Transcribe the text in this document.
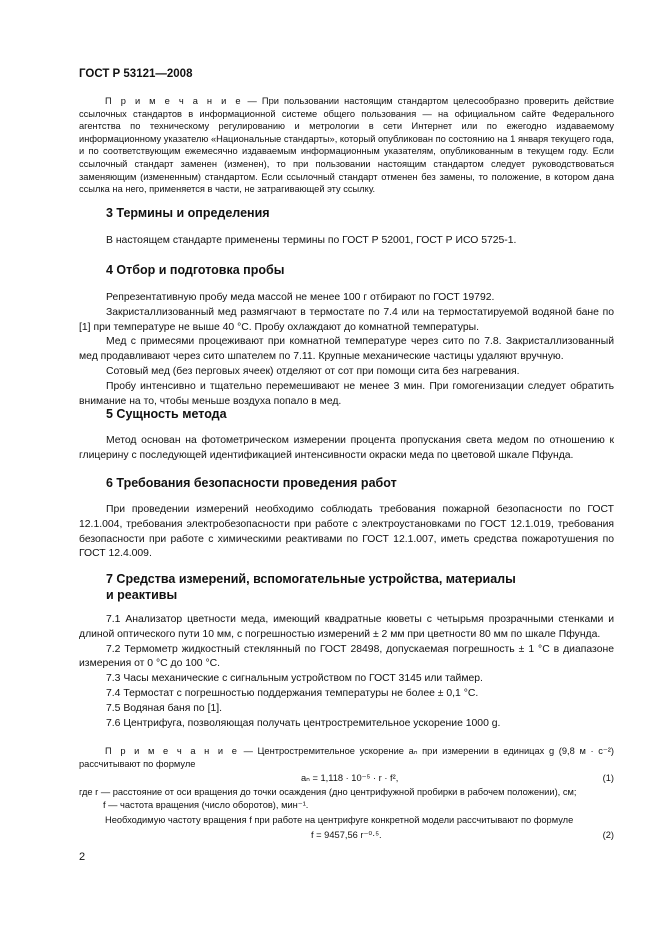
ГОСТ Р 53121—2008

П р и м е ч а н и е — При пользовании настоящим стандартом целесообразно проверить действие ссылочных стандартов в информационной системе общего пользования — на официальном сайте Федерального агентства по техническому регулированию и метрологии в сети Интернет или по ежегодно издаваемому информационному указателю «Национальные стандарты», который опубликован по состоянию на 1 января текущего года, и по соответствующим ежемесячно издаваемым информационным указателям, опубликованным в текущем году. Если ссылочный стандарт заменен (изменен), то при пользовании настоящим стандартом следует руководствоваться заменяющим (измененным) стандартом. Если ссылочный стандарт отменен без замены, то положение, в котором дана ссылка на него, применяется в части, не затрагивающей эту ссылку.

3 Термины и определения

В настоящем стандарте применены термины по ГОСТ Р 52001, ГОСТ Р ИСО 5725-1.

4 Отбор и подготовка пробы

Репрезентативную пробу меда массой не менее 100 г отбирают по ГОСТ 19792.

Закристаллизованный мед размягчают в термостате по 7.4 или на термостатируемой водяной бане по [1] при температуре не выше 40 °С. Пробу охлаждают до комнатной температуры.

Мед с примесями процеживают при комнатной температуре через сито по 7.8. Закристаллизованный мед продавливают через сито шпателем по 7.11. Крупные механические частицы удаляют вручную.

Сотовый мед (без перговых ячеек) отделяют от сот при помощи сита без нагревания.

Пробу интенсивно и тщательно перемешивают не менее 3 мин. При гомогенизации следует обратить внимание на то, чтобы меньше воздуха попало в мед.

5 Сущность метода

Метод основан на фотометрическом измерении процента пропускания света медом по отношению к глицерину с последующей идентификацией интенсивности окраски меда по цветовой шкале Пфунда.

6 Требования безопасности проведения работ

При проведении измерений необходимо соблюдать требования пожарной безопасности по ГОСТ 12.1.004, требования электробезопасности при работе с электроустановками по ГОСТ 12.1.019, требования безопасности при работе с химическими реактивами по ГОСТ 12.1.007, иметь средства пожаротушения по ГОСТ 12.4.009.

7 Средства измерений, вспомогательные устройства, материалы

и реактивы

7.1 Анализатор цветности меда, имеющий квадратные кюветы с четырьмя прозрачными стенками и длиной оптического пути 10 мм, с погрешностью измерений ± 2 мм при цветности 80 мм по шкале Пфунда.

7.2 Термометр жидкостный стеклянный по ГОСТ 28498, допускаемая погрешность ± 1 °С в диапазоне измерения от 0 °С до 100 °С.

7.3 Часы механические с сигнальным устройством по ГОСТ 3145 или таймер.

7.4 Термостат с погрешностью поддержания температуры не более ± 0,1 °С.

7.5 Водяная баня по [1].

7.6 Центрифуга, позволяющая получать центростремительное ускорение 1000 g.

П р и м е ч а н и е — Центростремительное ускорение aₙ при измерении в единицах g (9,8 м · с⁻²) рассчитывают по формуле

aₙ = 1,118 · 10⁻⁵ · r · f²,	(1)

где r — расстояние от оси вращения до точки осаждения (дно центрифужной пробирки в рабочем положении), см;

f — частота вращения (число оборотов), мин⁻¹.

Необходимую частоту вращения f при работе на центрифуге конкретной модели рассчитывают по формуле

f = 9457,56 r⁻⁰·⁵.	(2)
2
